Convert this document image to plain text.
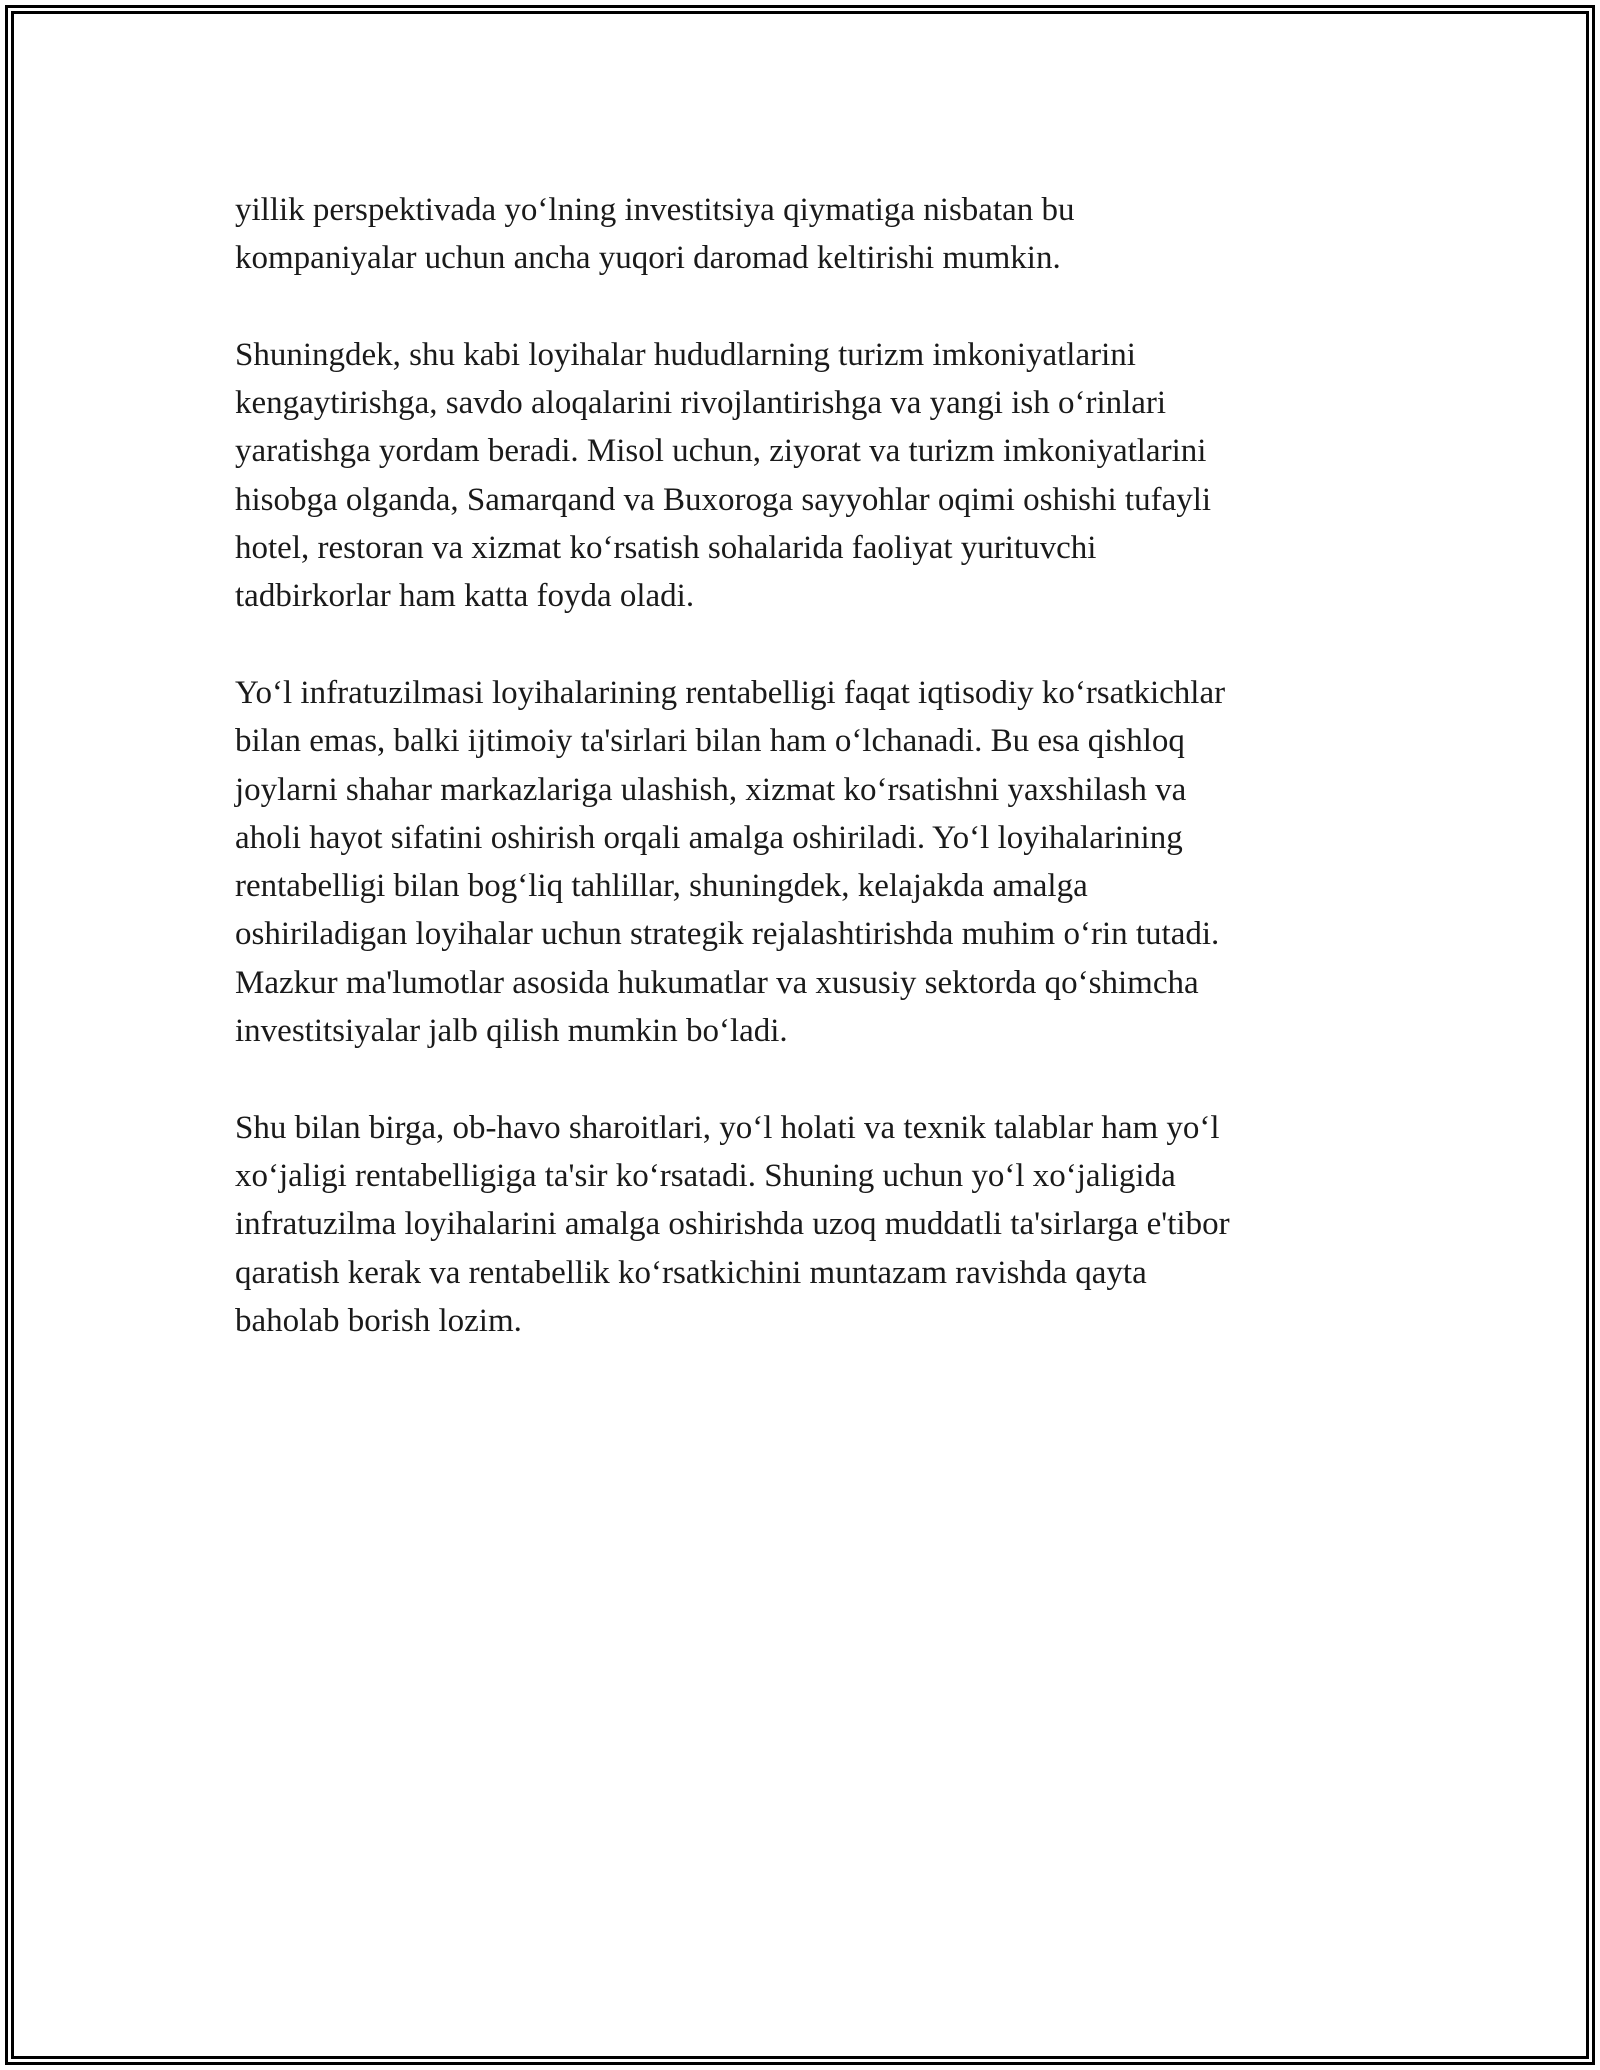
yillik perspektivada yo‘lning investitsiya qiymatiga nisbatan bu
kompaniyalar uchun ancha yuqori daromad keltirishi mumkin.

Shuningdek, shu kabi loyihalar hududlarning turizm imkoniyatlarini
kengaytirishga, savdo aloqalarini rivojlantirishga va yangi ish o‘rinlari
yaratishga yordam beradi. Misol uchun, ziyorat va turizm imkoniyatlarini
hisobga olganda, Samarqand va Buxoroga sayyohlar oqimi oshishi tufayli
hotel, restoran va xizmat ko‘rsatish sohalarida faoliyat yurituvchi
tadbirkorlar ham katta foyda oladi.

Yo‘l infratuzilmasi loyihalarining rentabelligi faqat iqtisodiy ko‘rsatkichlar
bilan emas, balki ijtimoiy ta'sirlari bilan ham o‘lchanadi. Bu esa qishloq
joylarni shahar markazlariga ulashish, xizmat ko‘rsatishni yaxshilash va
aholi hayot sifatini oshirish orqali amalga oshiriladi. Yo‘l loyihalarining
rentabelligi bilan bog‘liq tahlillar, shuningdek, kelajakda amalga
oshiriladigan loyihalar uchun strategik rejalashtirishda muhim o‘rin tutadi.
Mazkur ma'lumotlar asosida hukumatlar va xususiy sektorda qo‘shimcha
investitsiyalar jalb qilish mumkin bo‘ladi.

Shu bilan birga, ob-havo sharoitlari, yo‘l holati va texnik talablar ham yo‘l
xo‘jaligi rentabelligiga ta'sir ko‘rsatadi. Shuning uchun yo‘l xo‘jaligida
infratuzilma loyihalarini amalga oshirishda uzoq muddatli ta'sirlarga e'tibor
qaratish kerak va rentabellik ko‘rsatkichini muntazam ravishda qayta
baholab borish lozim.
